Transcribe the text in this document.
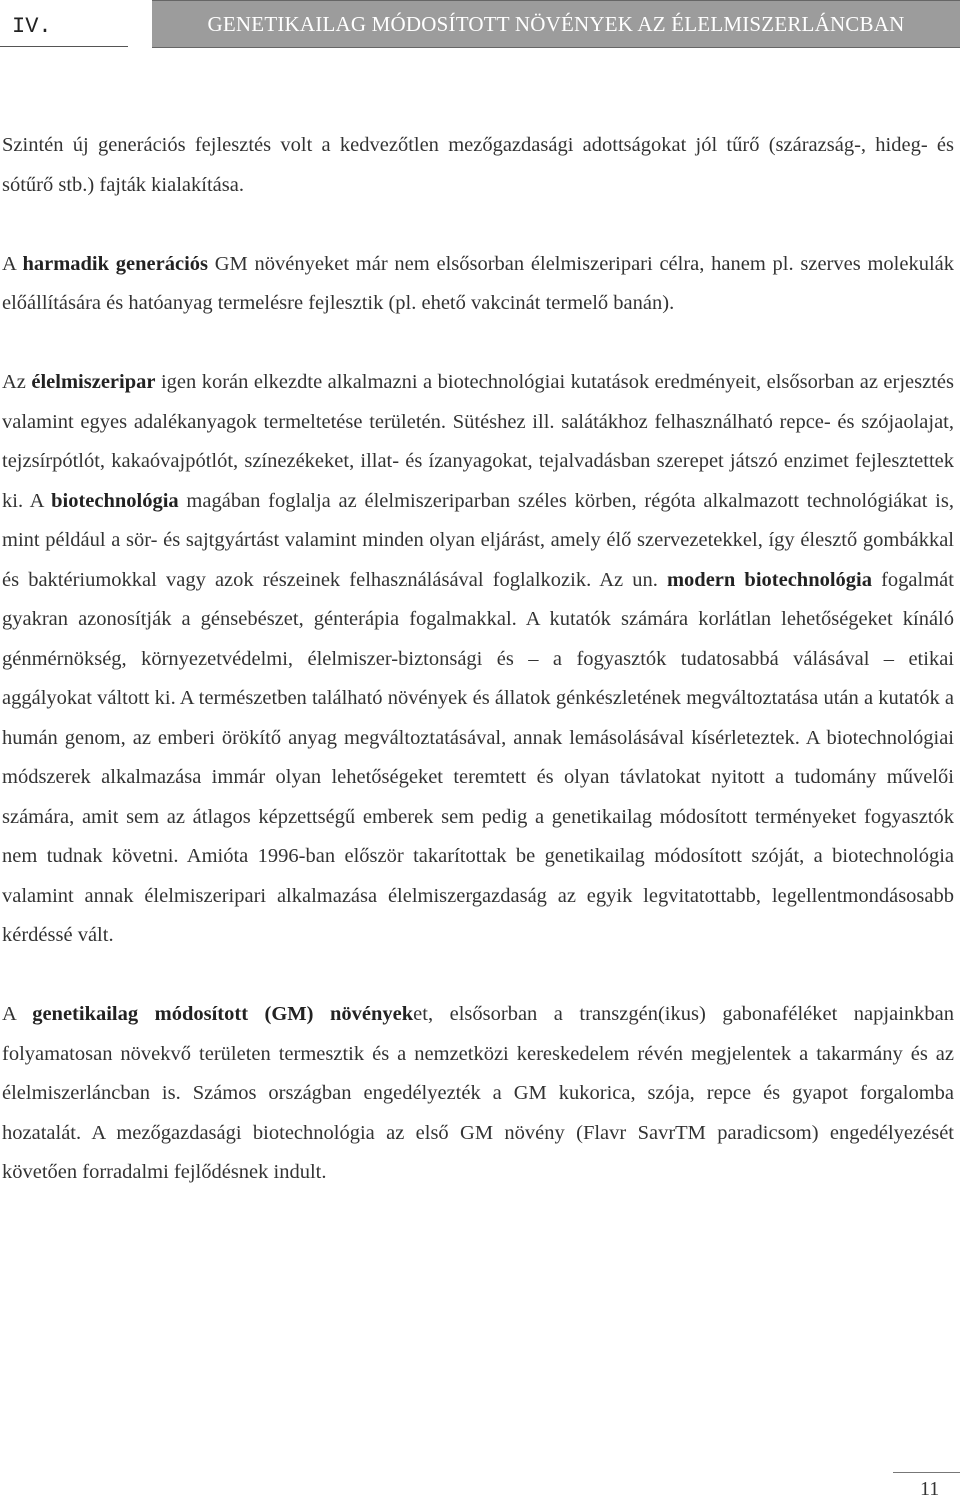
IV.	GENETIKAILAG MÓDOSÍTOTT NÖVÉNYEK AZ ÉLELMISZERLÁNCBAN

Szintén új generációs fejlesztés volt a kedvezőtlen mezőgazdasági adottságokat jól tűrő (szárazság-, hideg- és sótűrő stb.) fajták kialakítása.

A harmadik generációs GM növényeket már nem elsősorban élelmiszeripari célra, hanem pl. szerves molekulák előállítására és hatóanyag termelésre fejlesztik (pl. ehető vakcinát termelő banán).

Az élelmiszeripar igen korán elkezdte alkalmazni a biotechnológiai kutatások eredményeit, elsősorban az erjesztés valamint egyes adalékanyagok termeltetése területén. Sütéshez ill. salátákhoz felhasználható repce- és szójaolajat, tejzsírpótlót, kakaóvajpótlót, színezékeket, illat- és ízanyagokat, tejalvadásban szerepet játszó enzimet fejlesztettek ki. A biotechnológia magában foglalja az élelmiszeriparban széles körben, régóta alkalmazott technológiákat is, mint például a sör- és sajtgyártást valamint minden olyan eljárást, amely élő szervezetekkel, így élesztő gombákkal és baktériumokkal vagy azok részeinek felhasználásával foglalkozik. Az un. modern biotechnológia fogalmát gyakran azonosítják a génsebészet, génterápia fogalmakkal. A kutatók számára korlátlan lehetőségeket kínáló génmérnökség, környezetvédelmi, élelmiszer-biztonsági és – a fogyasztók tudatosabbá válásával – etikai aggályokat váltott ki. A természetben található növények és állatok génkészletének megváltoztatása után a kutatók a humán genom, az emberi örökítő anyag megváltoztatásával, annak lemásolásával kísérleteztek. A biotechnológiai módszerek alkalmazása immár olyan lehetőségeket teremtett és olyan távlatokat nyitott a tudomány művelői számára, amit sem az átlagos képzettségű emberek sem pedig a genetikailag módosított terményeket fogyasztók nem tudnak követni. Amióta 1996-ban először takarítottak be genetikailag módosított szóját, a biotechnológia valamint annak élelmiszeripari alkalmazása élelmiszergazdaság az egyik legvitatottabb, legellentmondásosabb kérdéssé vált.

A genetikailag módosított (GM) növényeket, elsősorban a transzgén(ikus) gabonaféléket napjainkban folyamatosan növekvő területen termesztik és a nemzetközi kereskedelem révén megjelentek a takarmány és az élelmiszerláncban is. Számos országban engedélyezték a GM kukorica, szója, repce és gyapot forgalomba hozatalát. A mezőgazdasági biotechnológia az első GM növény (Flavr SavrTM paradicsom) engedélyezését követően forradalmi fejlődésnek indult.

11
